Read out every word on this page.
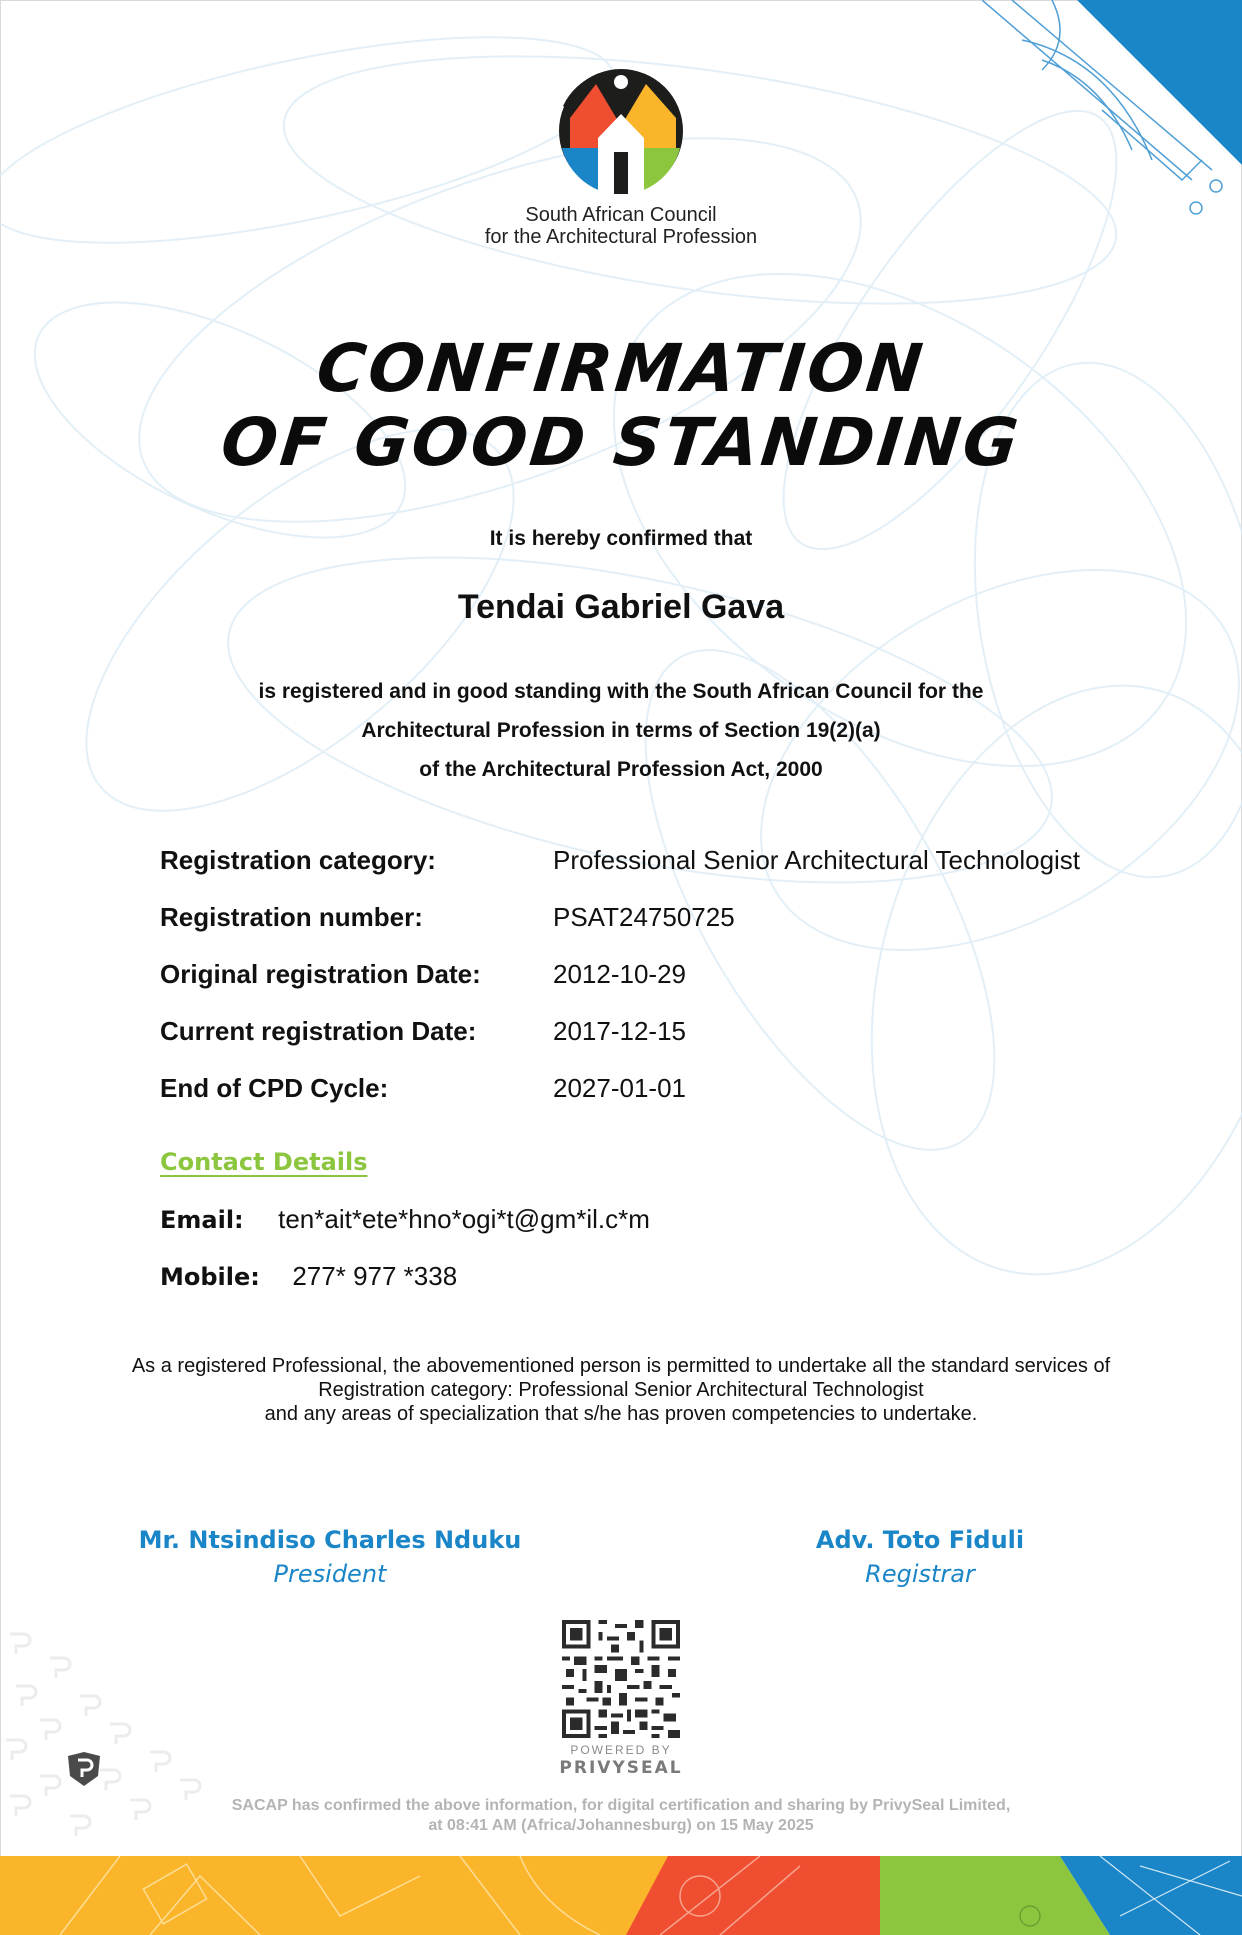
South African Council
for the Architectural Profession
CONFIRMATION
OF GOOD STANDING
It is hereby confirmed that
Tendai Gabriel Gava
is registered and in good standing with the South African Council for the
Architectural Profession in terms of Section 19(2)(a)
of the Architectural Profession Act, 2000
Registration category:	Professional Senior Architectural Technologist
Registration number:	PSAT24750725
Original registration Date:	2012-10-29
Current registration Date:	2017-12-15
End of CPD Cycle:	2027-01-01
Contact Details
Email: ten*ait*ete*hno*ogi*t@gm*il.c*m
Mobile: 277* 977 *338
As a registered Professional, the abovementioned person is permitted to undertake all the standard services of
Registration category: Professional Senior Architectural Technologist
and any areas of specialization that s/he has proven competencies to undertake.
Mr. Ntsindiso Charles Nduku
President
Adv. Toto Fiduli
Registrar
POWERED BY
PRIVYSEAL
SACAP has confirmed the above information, for digital certification and sharing by PrivySeal Limited,
at 08:41 AM (Africa/Johannesburg) on 15 May 2025
